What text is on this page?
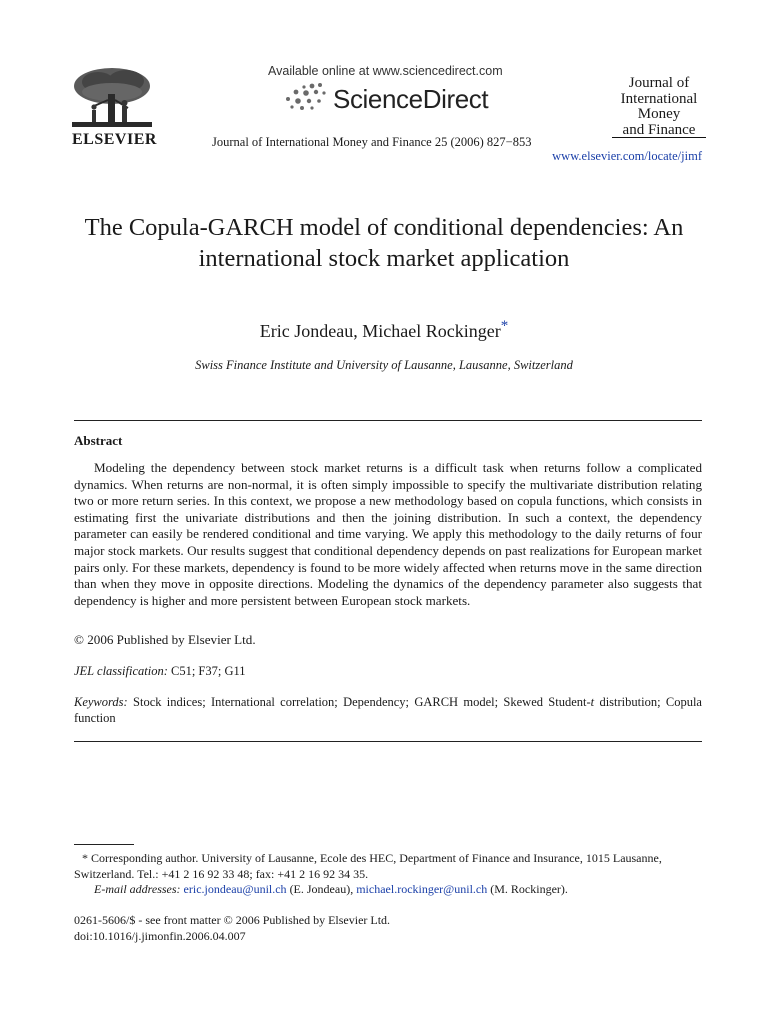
ELSEVIER
Available online at www.sciencedirect.com
ScienceDirect
Journal of International Money and Finance 25 (2006) 827−853
Journal of
International
Money
and Finance
www.elsevier.com/locate/jimf
The Copula-GARCH model of conditional dependencies: An international stock market application
Eric Jondeau, Michael Rockinger*
Swiss Finance Institute and University of Lausanne, Lausanne, Switzerland
Abstract

Modeling the dependency between stock market returns is a difficult task when returns follow a complicated dynamics. When returns are non-normal, it is often simply impossible to specify the multivariate distribution relating two or more return series. In this context, we propose a new methodology based on copula functions, which consists in estimating first the univariate distributions and then the joining distribution. In such a context, the dependency parameter can easily be rendered conditional and time varying. We apply this methodology to the daily returns of four major stock markets. Our results suggest that conditional dependency depends on past realizations for European market pairs only. For these markets, dependency is found to be more widely affected when returns move in the same direction than when they move in opposite directions. Modeling the dynamics of the dependency parameter also suggests that dependency is higher and more persistent between European stock markets.

© 2006 Published by Elsevier Ltd.
JEL classification: C51; F37; G11
Keywords: Stock indices; International correlation; Dependency; GARCH model; Skewed Student-t distribution; Copula function
* Corresponding author. University of Lausanne, Ecole des HEC, Department of Finance and Insurance, 1015 Lausanne, Switzerland. Tel.: +41 2 16 92 33 48; fax: +41 2 16 92 34 35.
E-mail addresses: eric.jondeau@unil.ch (E. Jondeau), michael.rockinger@unil.ch (M. Rockinger).
0261-5606/$ - see front matter © 2006 Published by Elsevier Ltd.
doi:10.1016/j.jimonfin.2006.04.007
